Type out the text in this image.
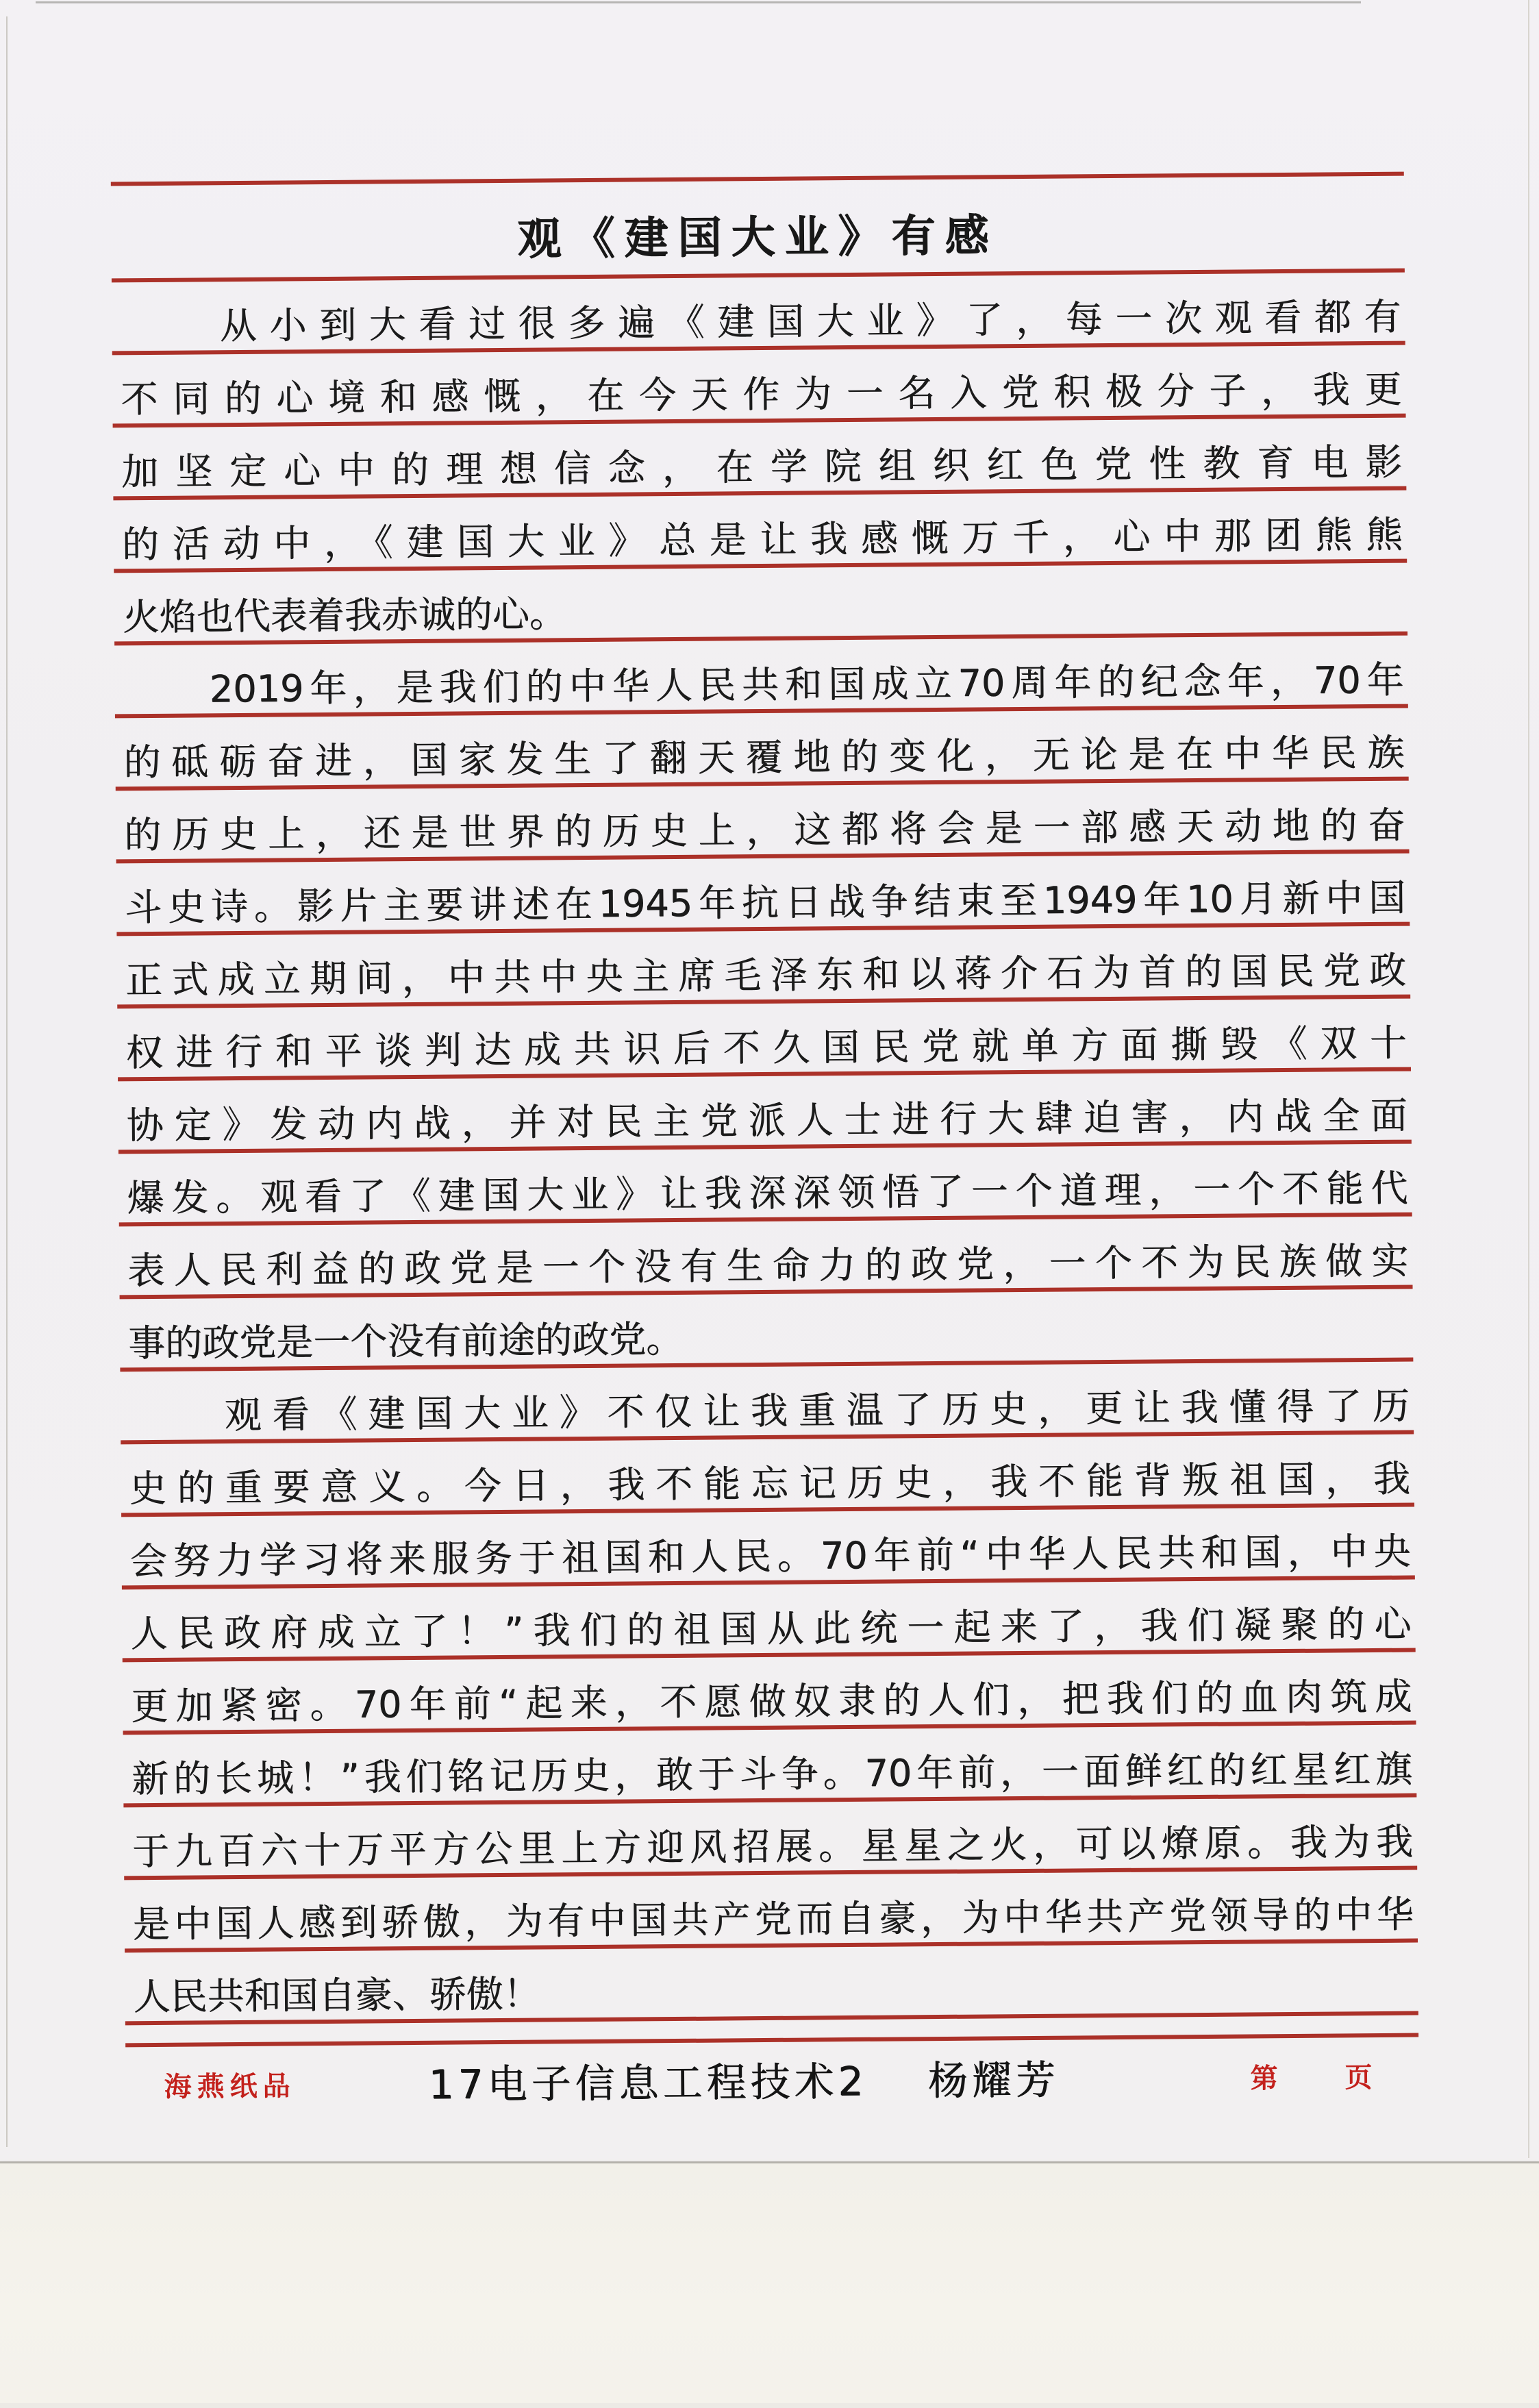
观《建国大业》有感
　　从小到大看过很多遍《建国大业》了，每一次观看都有
不同的心境和感慨，在今天作为一名入党积极分子，我更
加坚定心中的理想信念，在学院组织红色党性教育电影
的活动中，《建国大业》总是让我感慨万千，心中那团熊熊
火焰也代表着我赤诚的心。
　　2019年，是我们的中华人民共和国成立70周年的纪念年，70年
的砥砺奋进，国家发生了翻天覆地的变化，无论是在中华民族
的历史上，还是世界的历史上，这都将会是一部感天动地的奋
斗史诗。影片主要讲述在1945年抗日战争结束至1949年10月新中国
正式成立期间，中共中央主席毛泽东和以蒋介石为首的国民党政
权进行和平谈判达成共识后不久国民党就单方面撕毁《双十
协定》发动内战，并对民主党派人士进行大肆迫害，内战全面
爆发。观看了《建国大业》让我深深领悟了一个道理，一个不能代
表人民利益的政党是一个没有生命力的政党，一个不为民族做实
事的政党是一个没有前途的政党。
　　观看《建国大业》不仅让我重温了历史，更让我懂得了历
史的重要意义。今日，我不能忘记历史，我不能背叛祖国，我
会努力学习将来服务于祖国和人民。70年前“中华人民共和国，中央
人民政府成立了！”我们的祖国从此统一起来了，我们凝聚的心
更加紧密。70年前“起来，不愿做奴隶的人们，把我们的血肉筑成
新的长城！”我们铭记历史，敢于斗争。70年前，一面鲜红的红星红旗
于九百六十万平方公里上方迎风招展。星星之火，可以燎原。我为我
是中国人感到骄傲，为有中国共产党而自豪，为中华共产党领导的中华
人民共和国自豪、骄傲！
海燕纸品	17电子信息工程技术2　 杨耀芳	第 页
